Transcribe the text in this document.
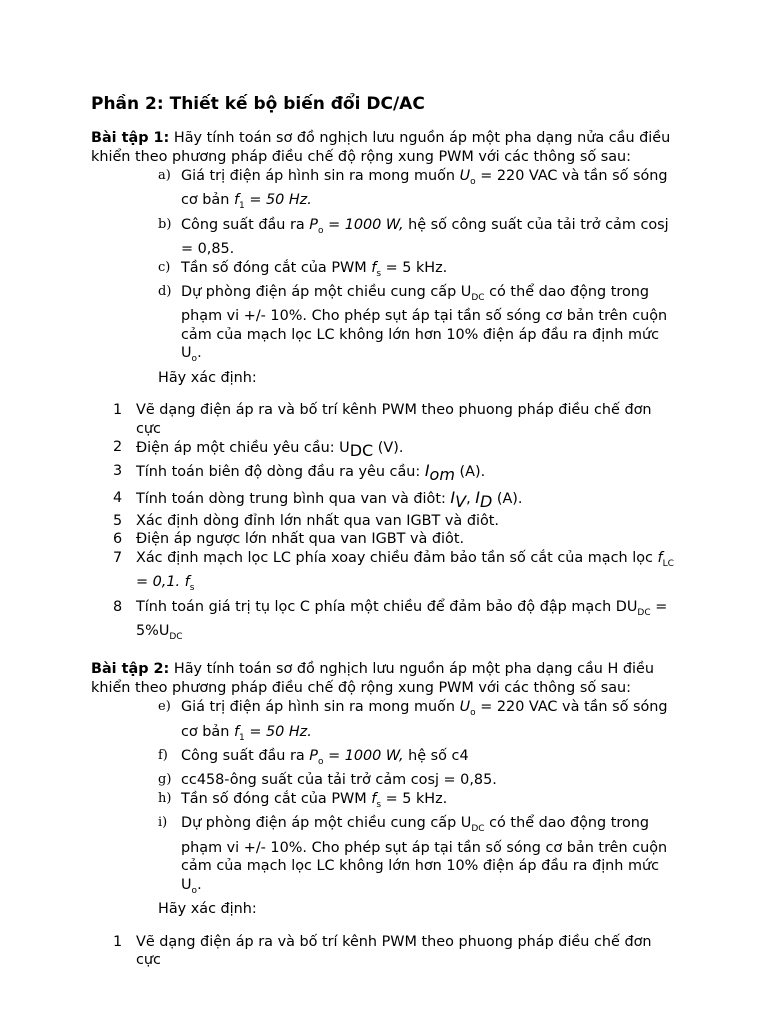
Phần 2: Thiết kế bộ biến đổi DC/AC

Bài tập 1: Hãy tính toán sơ đồ nghịch lưu nguồn áp một pha dạng nửa cầu điều khiển theo phương pháp điều chế độ rộng xung PWM với các thông số sau:

a) Giá trị điện áp hình sin ra mong muốn $U_o = 220$ VAC và tần số sóng cơ bản $f_1 = 50$ Hz.
b) Công suất đầu ra $P_o = 1000$ W, hệ số công suất của tải trở cảm cosj = 0,85.
c) Tần số đóng cắt của PWM $f_s = 5$ kHz.
d) Dự phòng điện áp một chiều cung cấp $U_{DC}$ có thể dao động trong phạm vi +/- 10%. Cho phép sụt áp tại tần số sóng cơ bản trên cuộn cảm của mạch lọc LC không lớn hơn 10% điện áp đầu ra định mức $U_o$.
Hãy xác định:
1 Vẽ dạng điện áp ra và bố trí kênh PWM theo phuong pháp điều chế đơn cực
2 Điện áp một chiều yêu cầu: UDC (V).
3 Tính toán biên độ dòng đầu ra yêu cầu: Iom (A).
4 Tính toán dòng trung bình qua van và điôt: IV, ID (A).
5 Xác định dòng đỉnh lớn nhất qua van IGBT và điôt.
6 Điện áp ngược lớn nhất qua van IGBT và điôt.
7 Xác định mạch lọc LC phía xoay chiều đảm bảo tần số cắt của mạch lọc $f_{LC} = 0,1$. $f_s$
8 Tính toán giá trị tụ lọc C phía một chiều để đảm bảo độ đập mạch $DU_{DC} = 5\%U_{DC}$

Bài tập 2: Hãy tính toán sơ đồ nghịch lưu nguồn áp một pha dạng cầu H điều khiển theo phương pháp điều chế độ rộng xung PWM với các thông số sau:

e) Giá trị điện áp hình sin ra mong muốn $U_o = 220$ VAC và tần số sóng cơ bản $f_1 = 50$ Hz.
f) Công suất đầu ra $P_o = 1000$ W, hệ số c4
g) cc458-ông suất của tải trở cảm cosj = 0,85.
h) Tần số đóng cắt của PWM $f_s = 5$ kHz.
i) Dự phòng điện áp một chiều cung cấp $U_{DC}$ có thể dao động trong phạm vi +/- 10%. Cho phép sụt áp tại tần số sóng cơ bản trên cuộn cảm của mạch lọc LC không lớn hơn 10% điện áp đầu ra định mức $U_o$.
Hãy xác định:
1 Vẽ dạng điện áp ra và bố trí kênh PWM theo phuong pháp điều chế đơn cực
